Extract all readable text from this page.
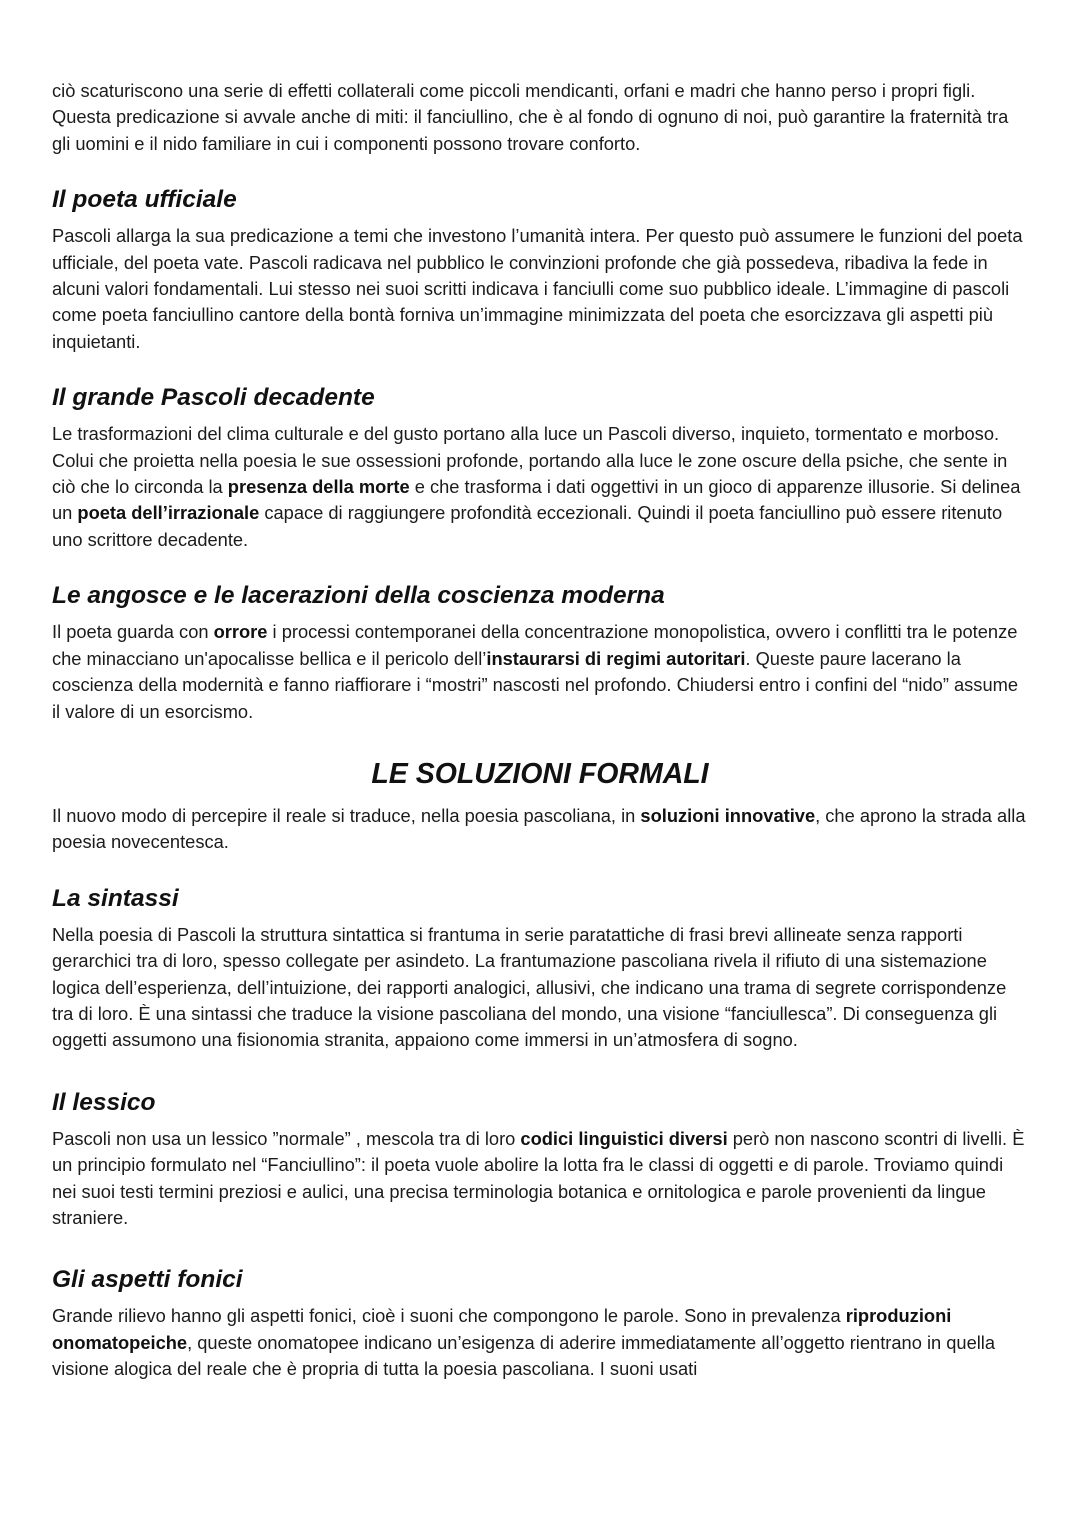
ciò scaturiscono una serie di effetti collaterali come piccoli mendicanti, orfani e madri che hanno perso i propri figli. Questa predicazione si avvale anche di miti: il fanciullino, che è al fondo di ognuno di noi, può garantire la fraternità tra gli uomini e il nido familiare in cui i componenti possono trovare conforto.

Il poeta ufficiale

Pascoli allarga la sua predicazione a temi che investono l’umanità intera. Per questo può assumere le funzioni del poeta ufficiale, del poeta vate. Pascoli radicava nel pubblico le convinzioni profonde che già possedeva, ribadiva la fede in alcuni valori fondamentali. Lui stesso nei suoi scritti indicava i fanciulli come suo pubblico ideale. L’immagine di pascoli come poeta fanciullino cantore della bontà forniva un’immagine minimizzata del poeta che esorcizzava gli aspetti più inquietanti.

Il grande Pascoli decadente

Le trasformazioni del clima culturale e del gusto portano alla luce un Pascoli diverso, inquieto, tormentato e morboso. Colui che proietta nella poesia le sue ossessioni profonde, portando alla luce le zone oscure della psiche, che sente in ciò che lo circonda la presenza della morte e che trasforma i dati oggettivi in un gioco di apparenze illusorie. Si delinea un poeta dell’irrazionale capace di raggiungere profondità eccezionali. Quindi il poeta fanciullino può essere ritenuto uno scrittore decadente.

Le angosce e le lacerazioni della coscienza moderna

Il poeta guarda con orrore i processi contemporanei della concentrazione monopolistica, ovvero i conflitti tra le potenze che minacciano un'apocalisse bellica e il pericolo dell’instaurarsi di regimi autoritari. Queste paure lacerano la coscienza della modernità e fanno riaffiorare i “mostri” nascosti nel profondo. Chiudersi entro i confini del “nido” assume il valore di un esorcismo.

LE SOLUZIONI FORMALI

Il nuovo modo di percepire il reale si traduce, nella poesia pascoliana, in soluzioni innovative, che aprono la strada alla poesia novecentesca.

La sintassi

Nella poesia di Pascoli la struttura sintattica si frantuma in serie paratattiche di frasi brevi allineate senza rapporti gerarchici tra di loro, spesso collegate per asindeto. La frantumazione pascoliana rivela il rifiuto di una sistemazione logica dell’esperienza, dell’intuizione, dei rapporti analogici, allusivi, che indicano una trama di segrete corrispondenze tra di loro. È una sintassi che traduce la visione pascoliana del mondo, una visione “fanciullesca”. Di conseguenza gli oggetti assumono una fisionomia stranita, appaiono come immersi in un’atmosfera di sogno.

Il lessico

Pascoli non usa un lessico ”normale” , mescola tra di loro codici linguistici diversi però non nascono scontri di livelli. È un principio formulato nel “Fanciullino”: il poeta vuole abolire la lotta fra le classi di oggetti e di parole. Troviamo quindi nei suoi testi termini preziosi e aulici, una precisa terminologia botanica e ornitologica e parole provenienti da lingue straniere.

Gli aspetti fonici

Grande rilievo hanno gli aspetti fonici, cioè i suoni che compongono le parole. Sono in prevalenza riproduzioni onomatopeiche, queste onomatopee indicano un’esigenza di aderire immediatamente all’oggetto rientrano in quella visione alogica del reale che è propria di tutta la poesia pascoliana. I suoni usati
